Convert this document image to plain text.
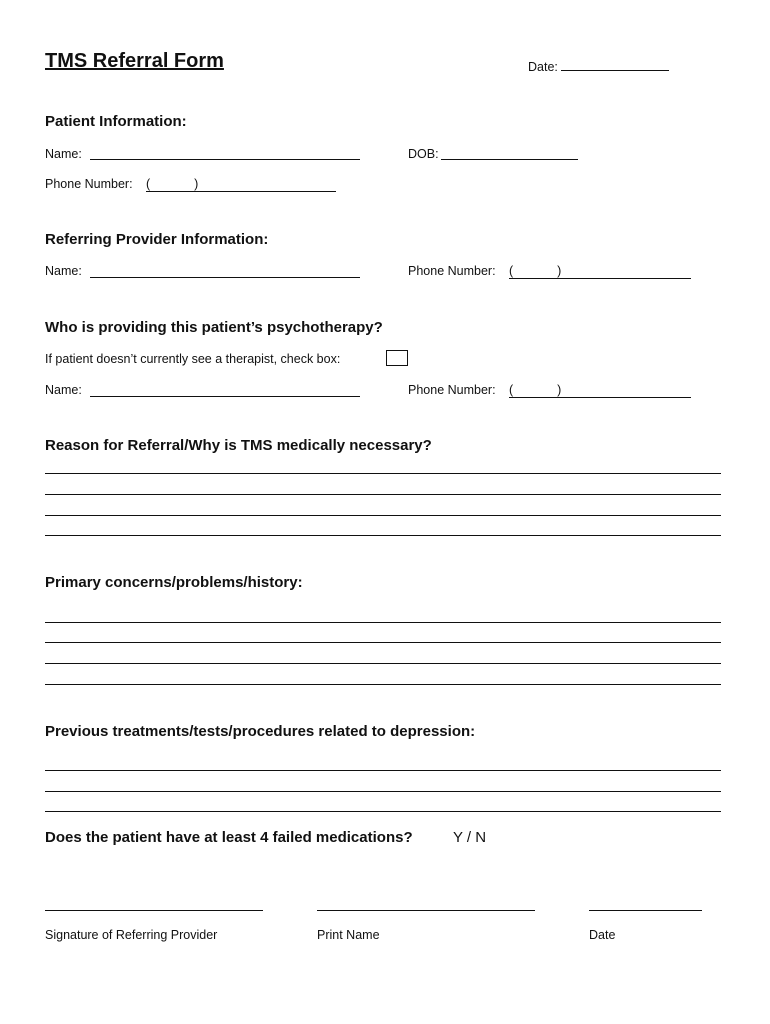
TMS Referral Form	Date:
Patient Information:
Name:	DOB:
Phone Number: (	)
Referring Provider Information:
Name:	Phone Number: (	)
Who is providing this patient’s psychotherapy?
If patient doesn’t currently see a therapist, check box:
Name:	Phone Number: (	)
Reason for Referral/Why is TMS medically necessary?
Primary concerns/problems/history:
Previous treatments/tests/procedures related to depression:
Does the patient have at least 4 failed medications?	Y / N
Signature of Referring Provider	Print Name	Date
